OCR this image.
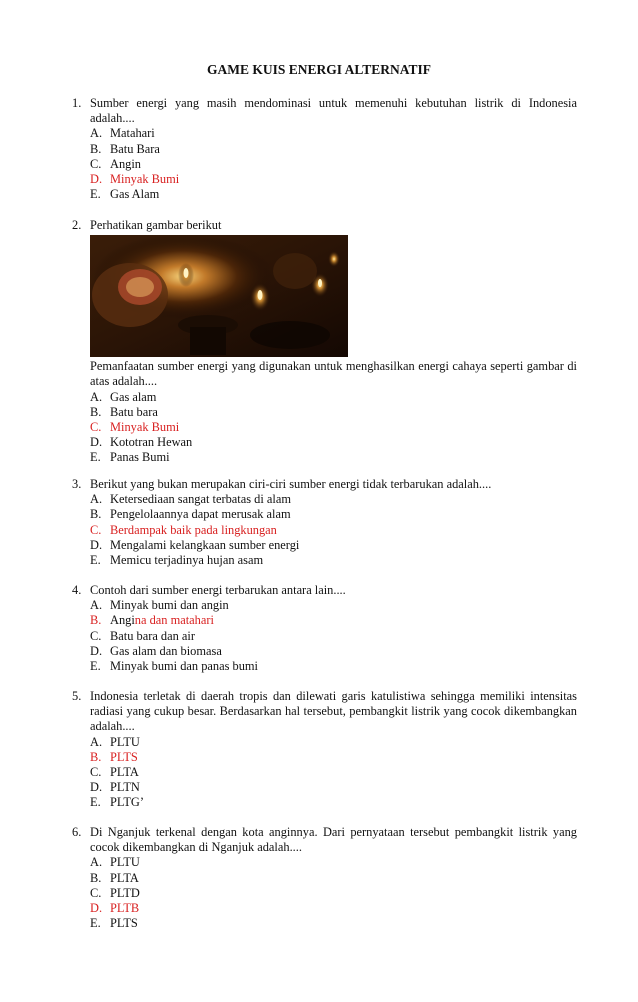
GAME KUIS ENERGI ALTERNATIF
1. Sumber energi yang masih mendominasi untuk memenuhi kebutuhan listrik di Indonesia adalah....
A. Matahari
B. Batu Bara
C. Angin
D. Minyak Bumi
E. Gas Alam
2. Perhatikan gambar berikut
Pemanfaatan sumber energi yang digunakan untuk menghasilkan energi cahaya seperti gambar di atas adalah....
A. Gas alam
B. Batu bara
C. Minyak Bumi
D. Kototran Hewan
E. Panas Bumi
3. Berikut yang bukan merupakan ciri-ciri sumber energi tidak terbarukan adalah....
A. Ketersediaan sangat terbatas di alam
B. Pengelolaannya dapat merusak alam
C. Berdampak baik pada lingkungan
D. Mengalami kelangkaan sumber energi
E. Memicu terjadinya hujan asam
4. Contoh dari sumber energi terbarukan antara lain....
A. Minyak bumi dan angin
B. Angina dan matahari
C. Batu bara dan air
D. Gas alam dan biomasa
E. Minyak bumi dan panas bumi
5. Indonesia terletak di daerah tropis dan dilewati garis katulistiwa sehingga memiliki intensitas radiasi yang cukup besar. Berdasarkan hal tersebut, pembangkit listrik yang cocok dikembangkan adalah....
A. PLTU
B. PLTS
C. PLTA
D. PLTN
E. PLTG’
6. Di Nganjuk terkenal dengan kota anginnya. Dari pernyataan tersebut pembangkit listrik yang cocok dikembangkan di Nganjuk adalah....
A. PLTU
B. PLTA
C. PLTD
D. PLTB
E. PLTS
